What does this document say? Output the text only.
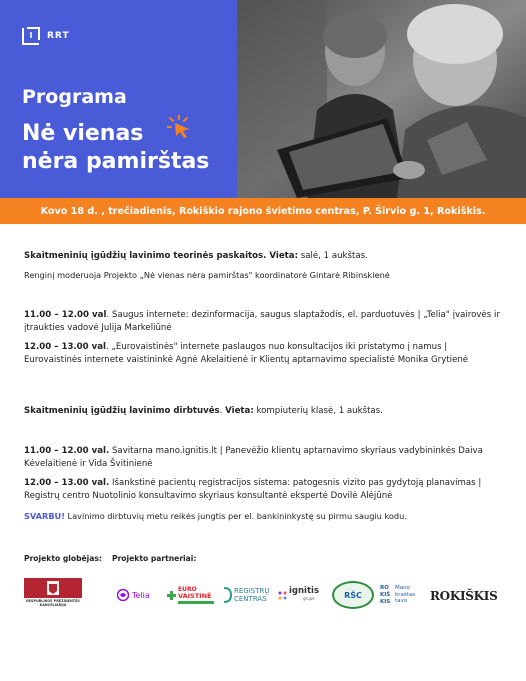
RRT
Programa
Nė vienas
nėra pamirštas
Kovo 18 d. , trečiadienis, Rokiškio rajono švietimo centras, P. Širvio g. 1, Rokiškis.
Skaitmeninių įgūdžių lavinimo teorinės paskaitos. Vieta: salė, 1 aukštas.
Renginį moderuoja Projekto „Nė vienas nėra pamirštas" koordinatorė Gintarė Ribinskienė
11.00 – 12.00 val. Saugus internete: dezinformacija, saugus slaptažodis, el. parduotuvės | „Telia" įvairovės ir įtraukties vadovė Julija Markeliūnė
12.00 – 13.00 val. „Eurovaistinės" internete paslaugos nuo konsultacijos iki pristatymo į namus | Eurovaistinės internete vaistininkė Agnė Akelaitienė ir Klientų aptarnavimo specialistė Monika Grytienė
Skaitmeninių įgūdžių lavinimo dirbtuvės. Vieta: kompiuterių klasė, 1 aukštas.
11.00 – 12.00 val. Savitarna mano.ignitis.lt | Panevėžio klientų aptarnavimo skyriaus vadybininkės Daiva Kėvelaitienė ir Vida Švitinienė
12.00 – 13.00 val. Išankstinė pacientų registracijos sistema: patogesnis vizito pas gydytoją planavimas | Registrų centro Nuotolinio konsultavimo skyriaus konsultantė ekspertė Dovilė Alėjūnė
SVARBU! Lavinimo dirbtuvių metu reikės jungtis per el. bankininkystę su pirmu saugiu kodu.
Projekto globėjas: Projekto partneriai:
RESPUBLIKOS PREZIDENTĖS KANCELIARIJA
Telia
EURO
VAISTINĖ
REGISTRŲ
CENTRAS
ignitis
grupė	RŠC
RO KIŠ KIS
Mano
kraštas
tavo	ROKIŠKIS
